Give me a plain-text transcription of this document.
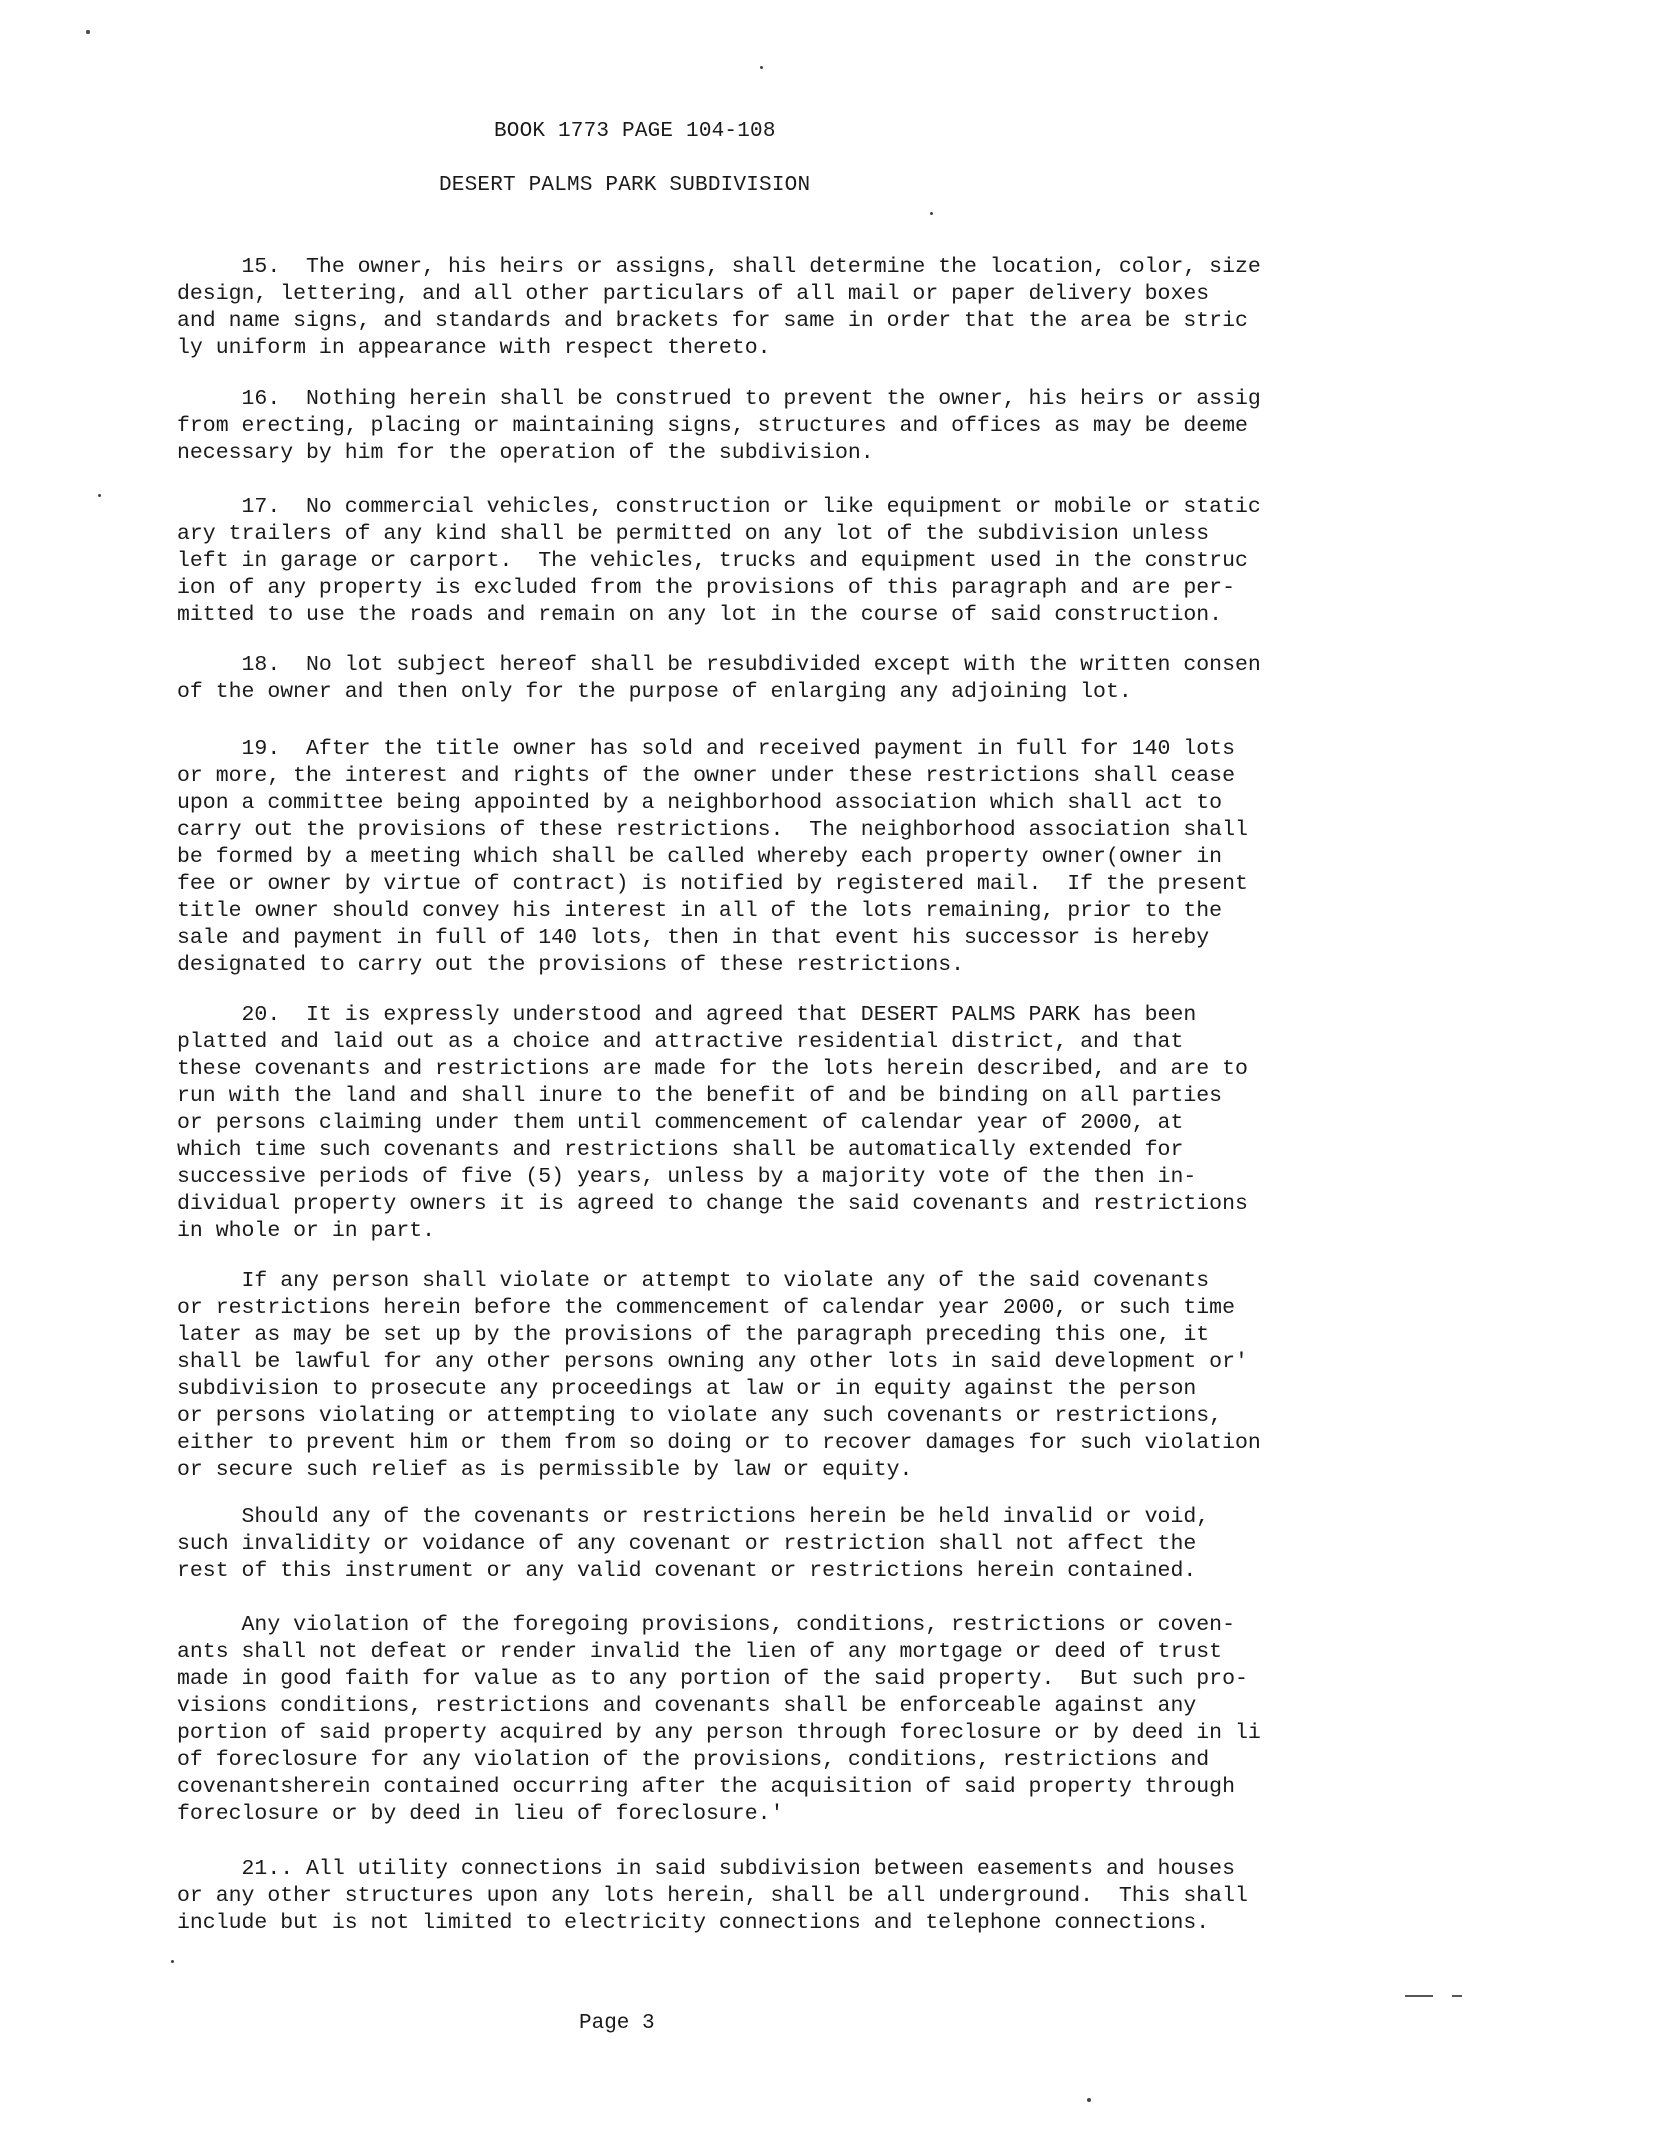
BOOK 1773 PAGE 104-108
DESERT PALMS PARK SUBDIVISION
15.  The owner, his heirs or assigns, shall determine the location, color, size
design, lettering, and all other particulars of all mail or paper delivery boxes
and name signs, and standards and brackets for same in order that the area be stric
ly uniform in appearance with respect thereto.
16.  Nothing herein shall be construed to prevent the owner, his heirs or assig
from erecting, placing or maintaining signs, structures and offices as may be deeme
necessary by him for the operation of the subdivision.
17.  No commercial vehicles, construction or like equipment or mobile or static
ary trailers of any kind shall be permitted on any lot of the subdivision unless
left in garage or carport.  The vehicles, trucks and equipment used in the construc
ion of any property is excluded from the provisions of this paragraph and are per-
mitted to use the roads and remain on any lot in the course of said construction.
18.  No lot subject hereof shall be resubdivided except with the written consen
of the owner and then only for the purpose of enlarging any adjoining lot.
19.  After the title owner has sold and received payment in full for 140 lots
or more, the interest and rights of the owner under these restrictions shall cease
upon a committee being appointed by a neighborhood association which shall act to
carry out the provisions of these restrictions.  The neighborhood association shall
be formed by a meeting which shall be called whereby each property owner(owner in
fee or owner by virtue of contract) is notified by registered mail.  If the present
title owner should convey his interest in all of the lots remaining, prior to the
sale and payment in full of 140 lots, then in that event his successor is hereby
designated to carry out the provisions of these restrictions.
20.  It is expressly understood and agreed that DESERT PALMS PARK has been
platted and laid out as a choice and attractive residential district, and that
these covenants and restrictions are made for the lots herein described, and are to
run with the land and shall inure to the benefit of and be binding on all parties
or persons claiming under them until commencement of calendar year of 2000, at
which time such covenants and restrictions shall be automatically extended for
successive periods of five (5) years, unless by a majority vote of the then in-
dividual property owners it is agreed to change the said covenants and restrictions
in whole or in part.
If any person shall violate or attempt to violate any of the said covenants
or restrictions herein before the commencement of calendar year 2000, or such time
later as may be set up by the provisions of the paragraph preceding this one, it
shall be lawful for any other persons owning any other lots in said development or'
subdivision to prosecute any proceedings at law or in equity against the person
or persons violating or attempting to violate any such covenants or restrictions,
either to prevent him or them from so doing or to recover damages for such violation
or secure such relief as is permissible by law or equity.
Should any of the covenants or restrictions herein be held invalid or void,
such invalidity or voidance of any covenant or restriction shall not affect the
rest of this instrument or any valid covenant or restrictions herein contained.
Any violation of the foregoing provisions, conditions, restrictions or coven-
ants shall not defeat or render invalid the lien of any mortgage or deed of trust
made in good faith for value as to any portion of the said property.  But such pro-
visions conditions, restrictions and covenants shall be enforceable against any
portion of said property acquired by any person through foreclosure or by deed in li
of foreclosure for any violation of the provisions, conditions, restrictions and
covenantsherein contained occurring after the acquisition of said property through
foreclosure or by deed in lieu of foreclosure.'
21.. All utility connections in said subdivision between easements and houses
or any other structures upon any lots herein, shall be all underground.  This shall
include but is not limited to electricity connections and telephone connections.
Page 3
